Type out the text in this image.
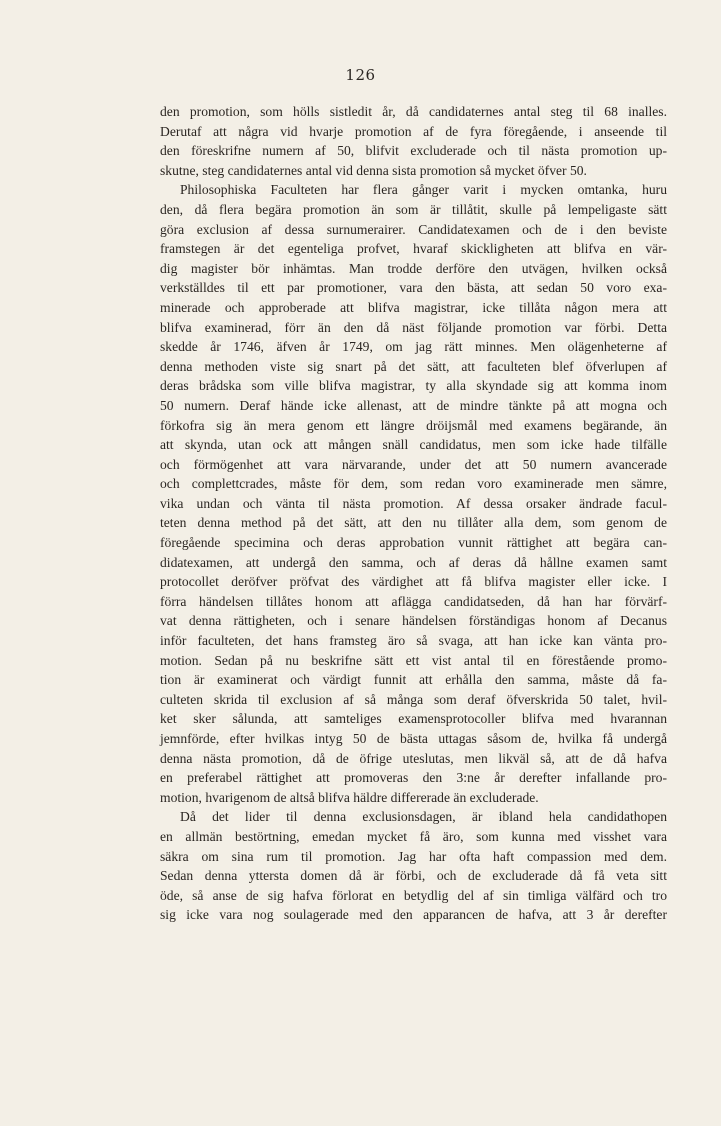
126
den promotion, som hölls sistledit år, då candidaternes antal steg til 68 inalles.
Derutaf att några vid hvarje promotion af de fyra föregående, i anseende til
den föreskrifne numern af 50, blifvit excluderade och til nästa promotion up-
skutne, steg candidaternes antal vid denna sista promotion så mycket öfver 50.
Philosophiska Faculteten har flera gånger varit i mycken omtanka, huru
den, då flera begära promotion än som är tillåtit, skulle på lempeligaste sätt
göra exclusion af dessa surnumerairer. Candidatexamen och de i den beviste
framstegen är det egenteliga profvet, hvaraf skickligheten att blifva en vär-
dig magister bör inhämtas. Man trodde derföre den utvägen, hvilken också
verkställdes til ett par promotioner, vara den bästa, att sedan 50 voro exa-
minerade och approberade att blifva magistrar, icke tillåta någon mera att
blifva examinerad, förr än den då näst följande promotion var förbi. Detta
skedde år 1746, äfven år 1749, om jag rätt minnes. Men olägenheterne af
denna methoden viste sig snart på det sätt, att faculteten blef öfverlupen af
deras brådska som ville blifva magistrar, ty alla skyndade sig att komma inom
50 numern. Deraf hände icke allenast, att de mindre tänkte på att mogna och
förkofra sig än mera genom ett längre dröijsmål med examens begärande, än
att skynda, utan ock att mången snäll candidatus, men som icke hade tilfälle
och förmögenhet att vara närvarande, under det att 50 numern avancerade
och complettcrades, måste för dem, som redan voro examinerade men sämre,
vika undan och vänta til nästa promotion. Af dessa orsaker ändrade facul-
teten denna method på det sätt, att den nu tillåter alla dem, som genom de
föregående specimina och deras approbation vunnit rättighet att begära can-
didatexamen, att undergå den samma, och af deras då hållne examen samt
protocollet deröfver pröfvat des värdighet att få blifva magister eller icke. I
förra händelsen tillåtes honom att aflägga candidatseden, då han har förvärf-
vat denna rättigheten, och i senare händelsen förständigas honom af Decanus
inför faculteten, det hans framsteg äro så svaga, att han icke kan vänta pro-
motion. Sedan på nu beskrifne sätt ett vist antal til en förestående promo-
tion är examinerat och värdigt funnit att erhålla den samma, måste då fa-
culteten skrida til exclusion af så många som deraf öfverskrida 50 talet, hvil-
ket sker sålunda, att samteliges examensprotocoller blifva med hvarannan
jemnförde, efter hvilkas intyg 50 de bästa uttagas såsom de, hvilka få undergå
denna nästa promotion, då de öfrige uteslutas, men likväl så, att de då hafva
en preferabel rättighet att promoveras den 3:ne år derefter infallande pro-
motion, hvarigenom de altså blifva häldre differerade än excluderade.
Då det lider til denna exclusionsdagen, är ibland hela candidathopen
en allmän bestörtning, emedan mycket få äro, som kunna med visshet vara
säkra om sina rum til promotion. Jag har ofta haft compassion med dem.
Sedan denna yttersta domen då är förbi, och de excluderade då få veta sitt
öde, så anse de sig hafva förlorat en betydlig del af sin timliga välfärd och tro
sig icke vara nog soulagerade med den apparancen de hafva, att 3 år derefter
